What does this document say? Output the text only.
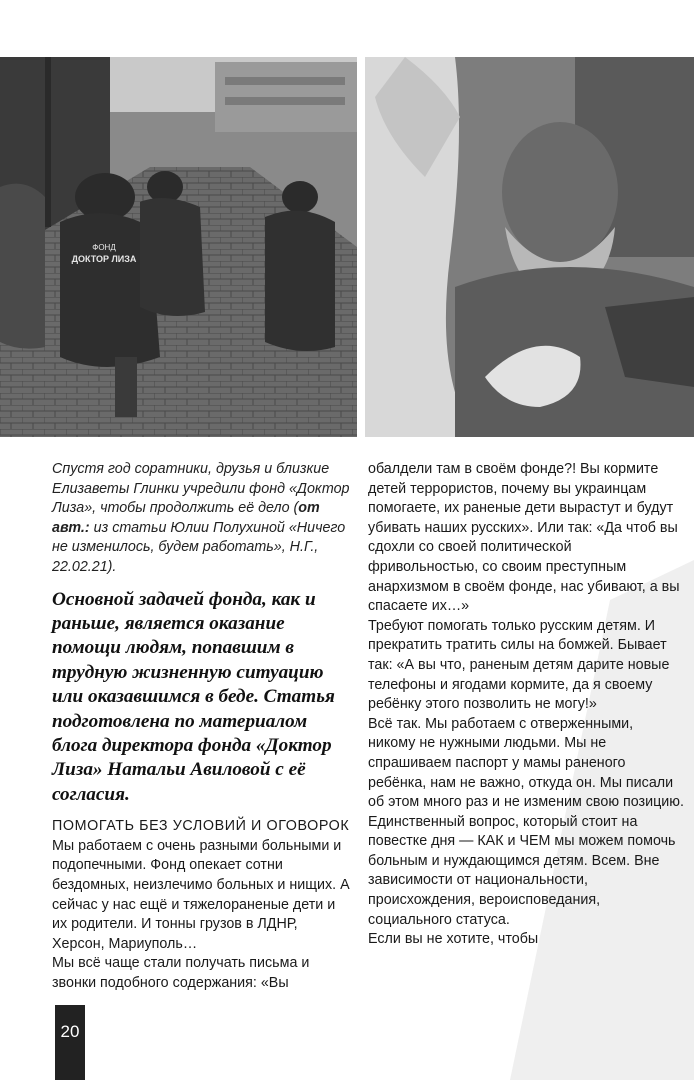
ФОНД
ДОКТОР ЛИЗА

Спустя год соратники, друзья и близкие Елизаветы Глинки учредили фонд «Доктор Лиза», чтобы продолжить её дело (от авт.: из статьи Юлии Полухиной «Ничего не изменилось, будем работать», Н.Г., 22.02.21).

Основной задачей фонда, как и раньше, является оказание помощи людям, попавшим в трудную жизненную ситуацию или оказавшимся в беде. Статья подготовлена по материалом блога директора фонда «Доктор Лиза» Натальи Авиловой с её согласия.

ПОМОГАТЬ БЕЗ УСЛОВИЙ И ОГОВОРОК

Мы работаем с очень разными больными и подопечными. Фонд опекает сотни бездомных, неизлечимо больных и нищих. А сейчас у нас ещё и тяжелораненые дети и их родители. И тонны грузов в ЛДНР, Херсон, Мариуполь…

Мы всё чаще стали получать письма и звонки подобного содержания: «Вы

обалдели там в своём фонде?! Вы кормите детей террористов, почему вы украинцам помогаете, их раненые дети вырастут и будут убивать наших русских». Или так: «Да чтоб вы сдохли со своей политической фривольностью, со своим преступным анархизмом в своём фонде, нас убивают, а вы спасаете их…»

Требуют помогать только русским детям. И прекратить тратить силы на бомжей. Бывает так: «А вы что, раненым детям дарите новые телефоны и ягодами кормите, да я своему ребёнку этого позволить не могу!»

Всё так. Мы работаем с отверженными, никому не нужными людьми. Мы не спрашиваем паспорт у мамы раненого ребёнка, нам не важно, откуда он. Мы писали об этом много раз и не изменим свою позицию. Единственный вопрос, который стоит на повестке дня — КАК и ЧЕМ мы можем помочь больным и нуждающимся детям. Всем. Вне зависимости от национальности, происхождения, вероисповедания, социального статуса.

Если вы не хотите, чтобы

20
